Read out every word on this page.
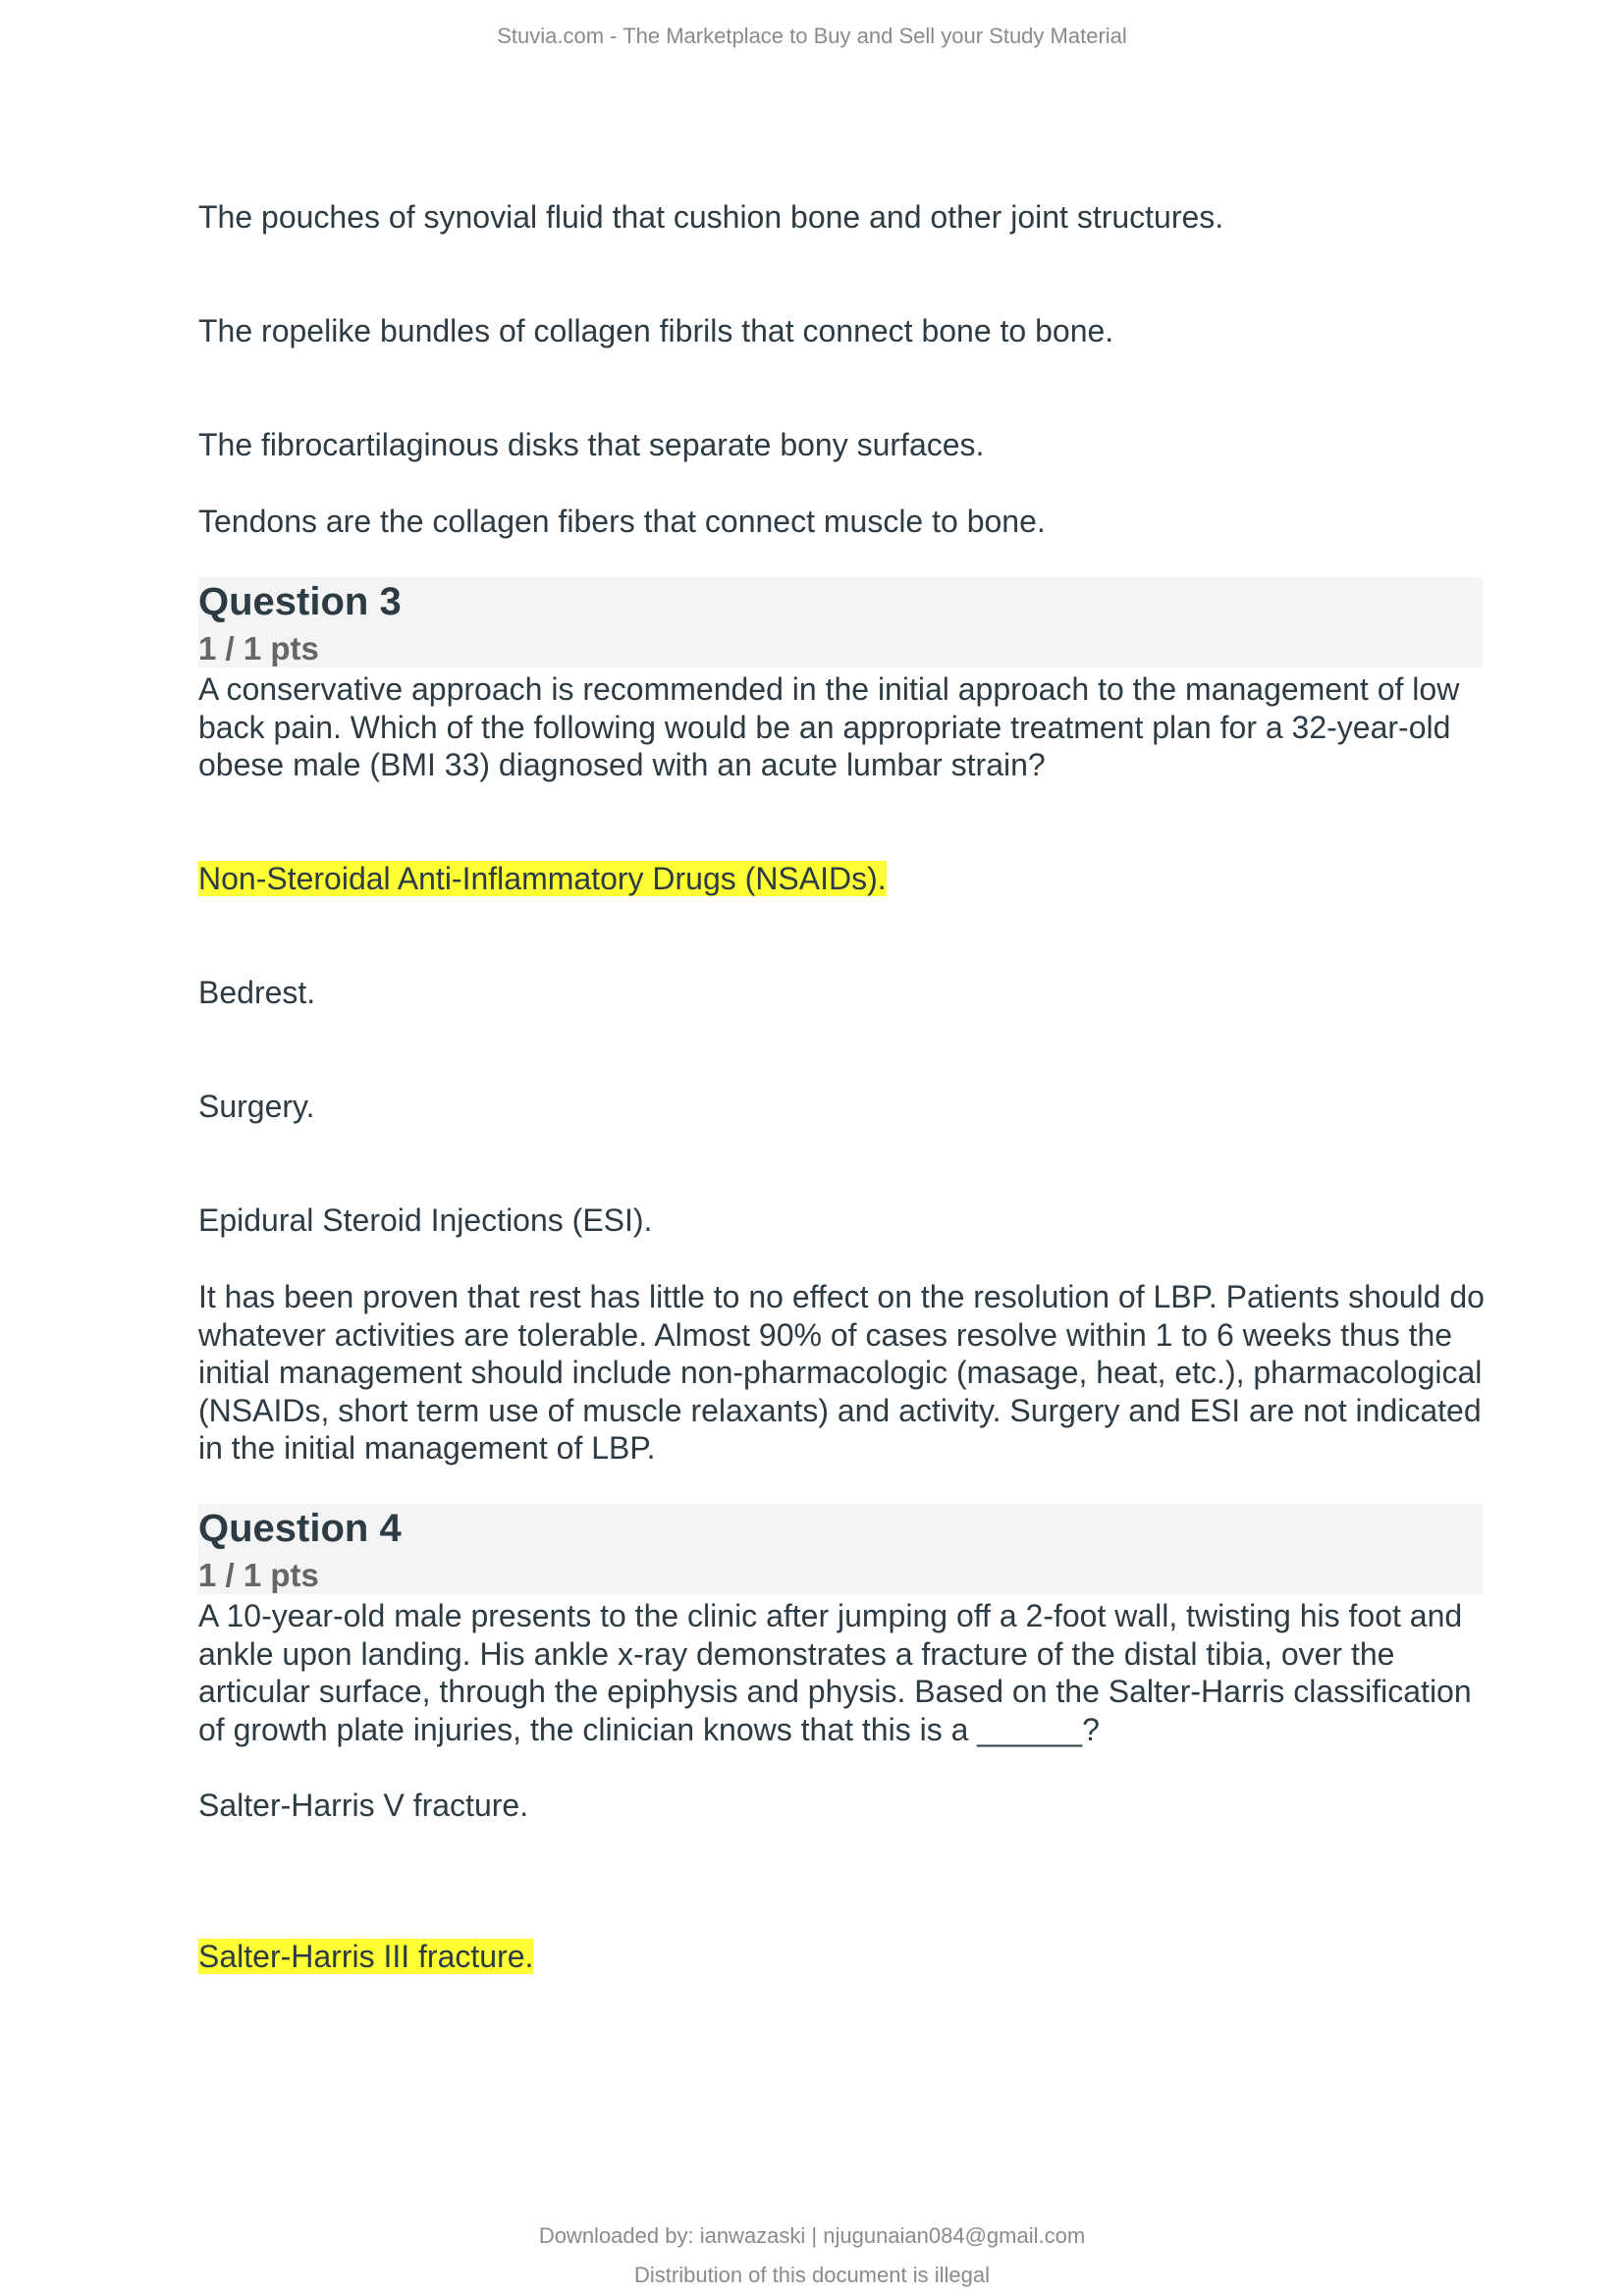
Stuvia.com - The Marketplace to Buy and Sell your Study Material
The pouches of synovial fluid that cushion bone and other joint structures.
The ropelike bundles of collagen fibrils that connect bone to bone.
The fibrocartilaginous disks that separate bony surfaces.
Tendons are the collagen fibers that connect muscle to bone.
Question 3
1 / 1 pts
A conservative approach is recommended in the initial approach to the management of low back pain. Which of the following would be an appropriate treatment plan for a 32-year-old obese male (BMI 33) diagnosed with an acute lumbar strain?
Non-Steroidal Anti-Inflammatory Drugs (NSAIDs).
Bedrest.
Surgery.
Epidural Steroid Injections (ESI).
It has been proven that rest has little to no effect on the resolution of LBP. Patients should do whatever activities are tolerable. Almost 90% of cases resolve within 1 to 6 weeks thus the initial management should include non-pharmacologic (masage, heat, etc.), pharmacological (NSAIDs, short term use of muscle relaxants) and activity. Surgery and ESI are not indicated in the initial management of LBP.
Question 4
1 / 1 pts
A 10-year-old male presents to the clinic after jumping off a 2-foot wall, twisting his foot and ankle upon landing. His ankle x-ray demonstrates a fracture of the distal tibia, over the articular surface, through the epiphysis and physis. Based on the Salter-Harris classification of growth plate injuries, the clinician knows that this is a ______?
Salter-Harris V fracture.
Salter-Harris III fracture.
Downloaded by: ianwazaski | njugunaian084@gmail.com
Distribution of this document is illegal
